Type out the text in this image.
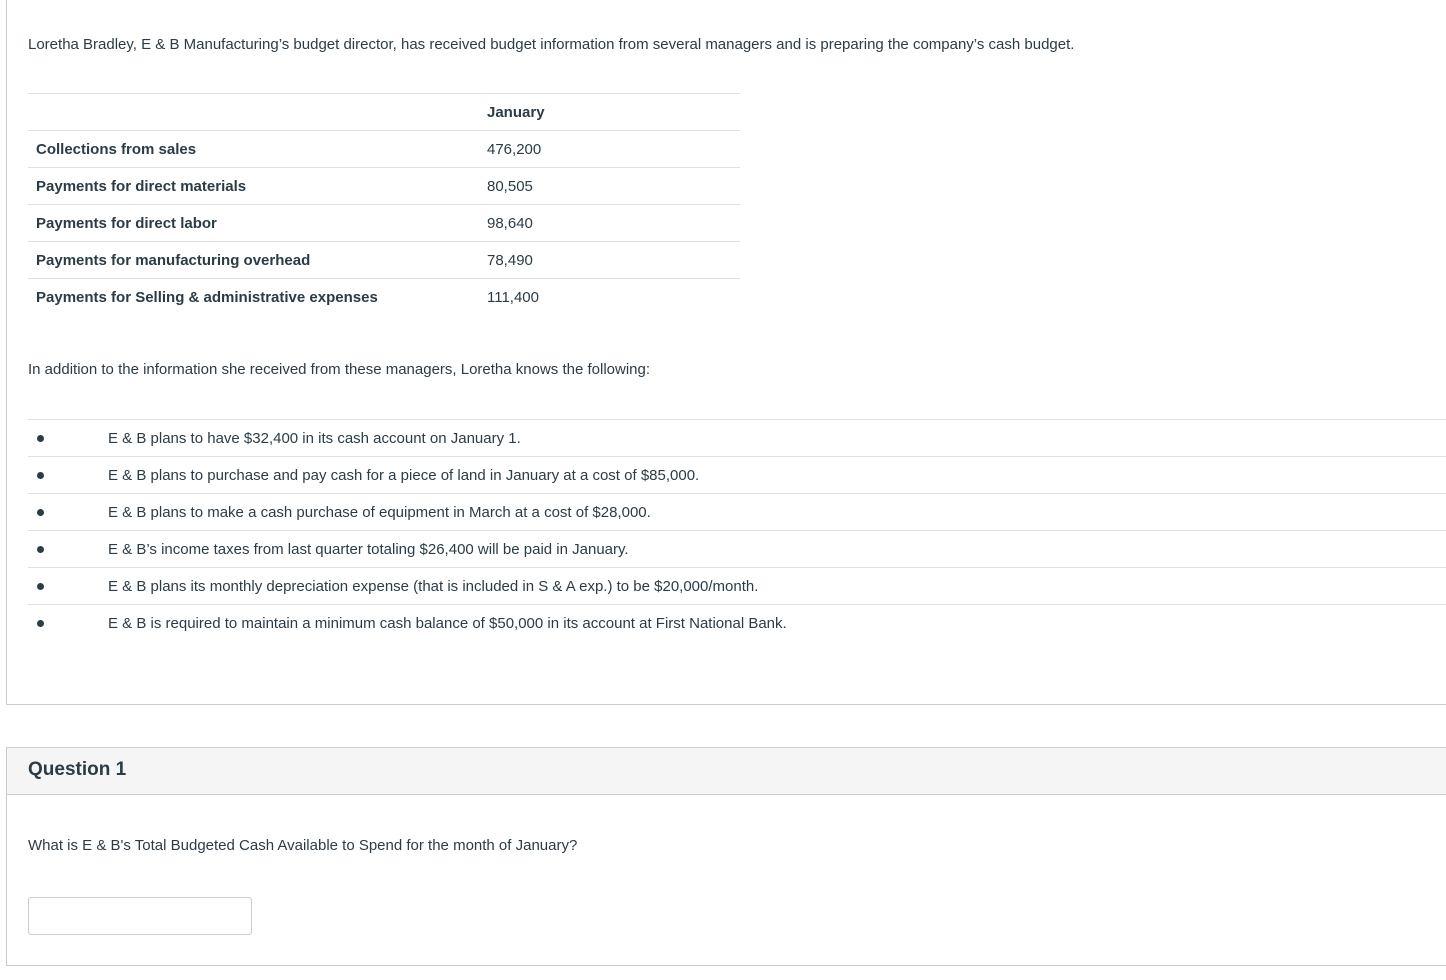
Loretha Bradley, E & B Manufacturing’s budget director, has received budget information from several managers and is preparing the company’s cash budget.
	January
Collections from sales	476,200
Payments for direct materials	80,505
Payments for direct labor	98,640
Payments for manufacturing overhead	78,490
Payments for Selling & administrative expenses	111,400
In addition to the information she received from these managers, Loretha knows the following:
E & B plans to have $32,400 in its cash account on January 1.
E & B plans to purchase and pay cash for a piece of land in January at a cost of $85,000.
E & B plans to make a cash purchase of equipment in March at a cost of $28,000.
E & B’s income taxes from last quarter totaling $26,400 will be paid in January.
E & B plans its monthly depreciation expense (that is included in S & A exp.) to be $20,000/month.
E & B is required to maintain a minimum cash balance of $50,000 in its account at First National Bank.
Question 1
What is E & B's Total Budgeted Cash Available to Spend for the month of January?
